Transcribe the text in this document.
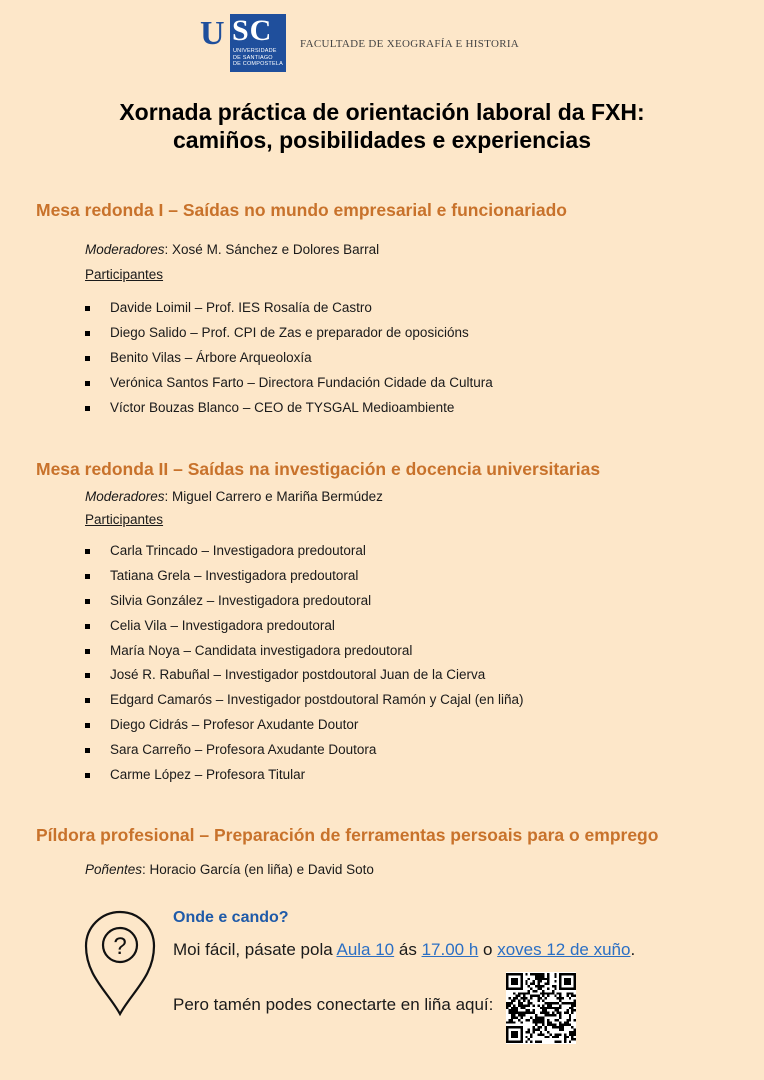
U SC
UNIVERSIDADE
DE SANTIAGO
DE COMPOSTELA
FACULTADE DE XEOGRAFÍA E HISTORIA
Xornada práctica de orientación laboral da FXH:
camiños, posibilidades e experiencias
Mesa redonda I – Saídas no mundo empresarial e funcionariado
Moderadores: Xosé M. Sánchez e Dolores Barral
Participantes
Davide Loimil – Prof. IES Rosalía de Castro
Diego Salido – Prof. CPI de Zas e preparador de oposicións
Benito Vilas – Árbore Arqueoloxía
Verónica Santos Farto – Directora Fundación Cidade da Cultura
Víctor Bouzas Blanco – CEO de TYSGAL Medioambiente
Mesa redonda II – Saídas na investigación e docencia universitarias
Moderadores: Miguel Carrero e Mariña Bermúdez
Participantes
Carla Trincado – Investigadora predoutoral
Tatiana Grela – Investigadora predoutoral
Silvia González – Investigadora predoutoral
Celia Vila – Investigadora predoutoral
María Noya – Candidata investigadora predoutoral
José R. Rabuñal – Investigador postdoutoral Juan de la Cierva
Edgard Camarós – Investigador postdoutoral Ramón y Cajal (en liña)
Diego Cidrás – Profesor Axudante Doutor
Sara Carreño – Profesora Axudante Doutora
Carme López – Profesora Titular
Píldora profesional – Preparación de ferramentas persoais para o emprego
Poñentes: Horacio García (en liña) e David Soto
?
Onde e cando?
Moi fácil, pásate pola Aula 10 ás 17.00 h o xoves 12 de xuño.
Pero tamén podes conectarte en liña aquí:
